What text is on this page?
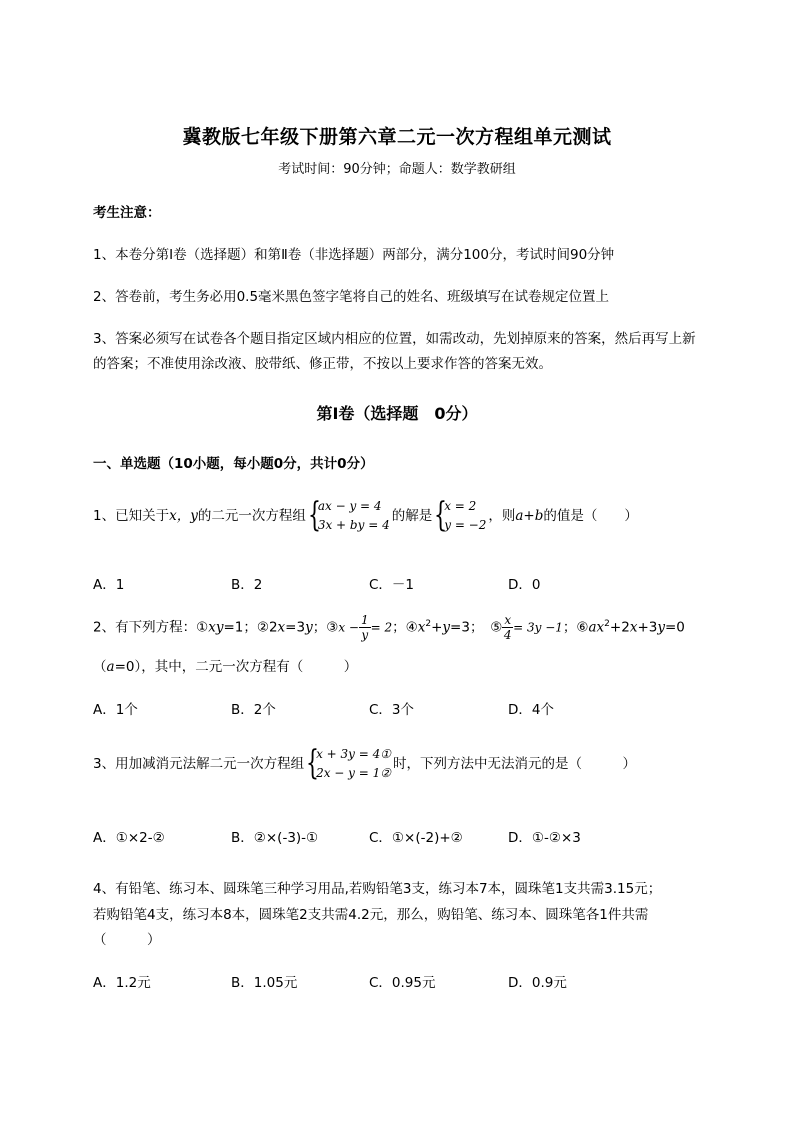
冀教版七年级下册第六章二元一次方程组单元测试
考试时间：90分钟；命题人：数学教研组
考生注意：
1、本卷分第I卷（选择题）和第Ⅱ卷（非选择题）两部分，满分100分，考试时间90分钟
2、答卷前，考生务必用0.5毫米黑色签字笔将自己的姓名、班级填写在试卷规定位置上
3、答案必须写在试卷各个题目指定区域内相应的位置，如需改动，先划掉原来的答案，然后再写上新
的答案；不准使用涂改液、胶带纸、修正带，不按以上要求作答的答案无效。
第I卷（选择题　0分）
一、单选题（10小题，每小题0分，共计0分）
1、已知关于x，y的二元一次方程组 {
ax − y = 4
3x + by = 4
的解是 {
x = 2
y = −2
，则a+b的值是（　　）
A．1	B．2	C．－1	D．0
2、有下列方程：①xy=1；②2x=3y；③x − $\frac{1}{y} = 2$；$④x^2+y=3$；　⑤ $\frac{x}{4} = 3y -1$；$⑥ax^2+2x+3y=0$
（a=0），其中，二元一次方程有（　　　）
A．1个	B．2个	C．3个	D．4个
3、用加减消元法解二元一次方程组 {
x + 3y = 4①
2x − y = 1②
时，下列方法中无法消元的是（　　　）
A．①×2-②	B．②×(-3)-①	C．①×(-2)+②	D．①-②×3
4、有铅笔、练习本、圆珠笔三种学习用品,若购铅笔3支，练习本7本，圆珠笔1支共需3.15元；
若购铅笔4支，练习本8本，圆珠笔2支共需4.2元，那么，购铅笔、练习本、圆珠笔各1件共需
（　　　）
A．1.2元	B．1.05元	C．0.95元	D．0.9元
